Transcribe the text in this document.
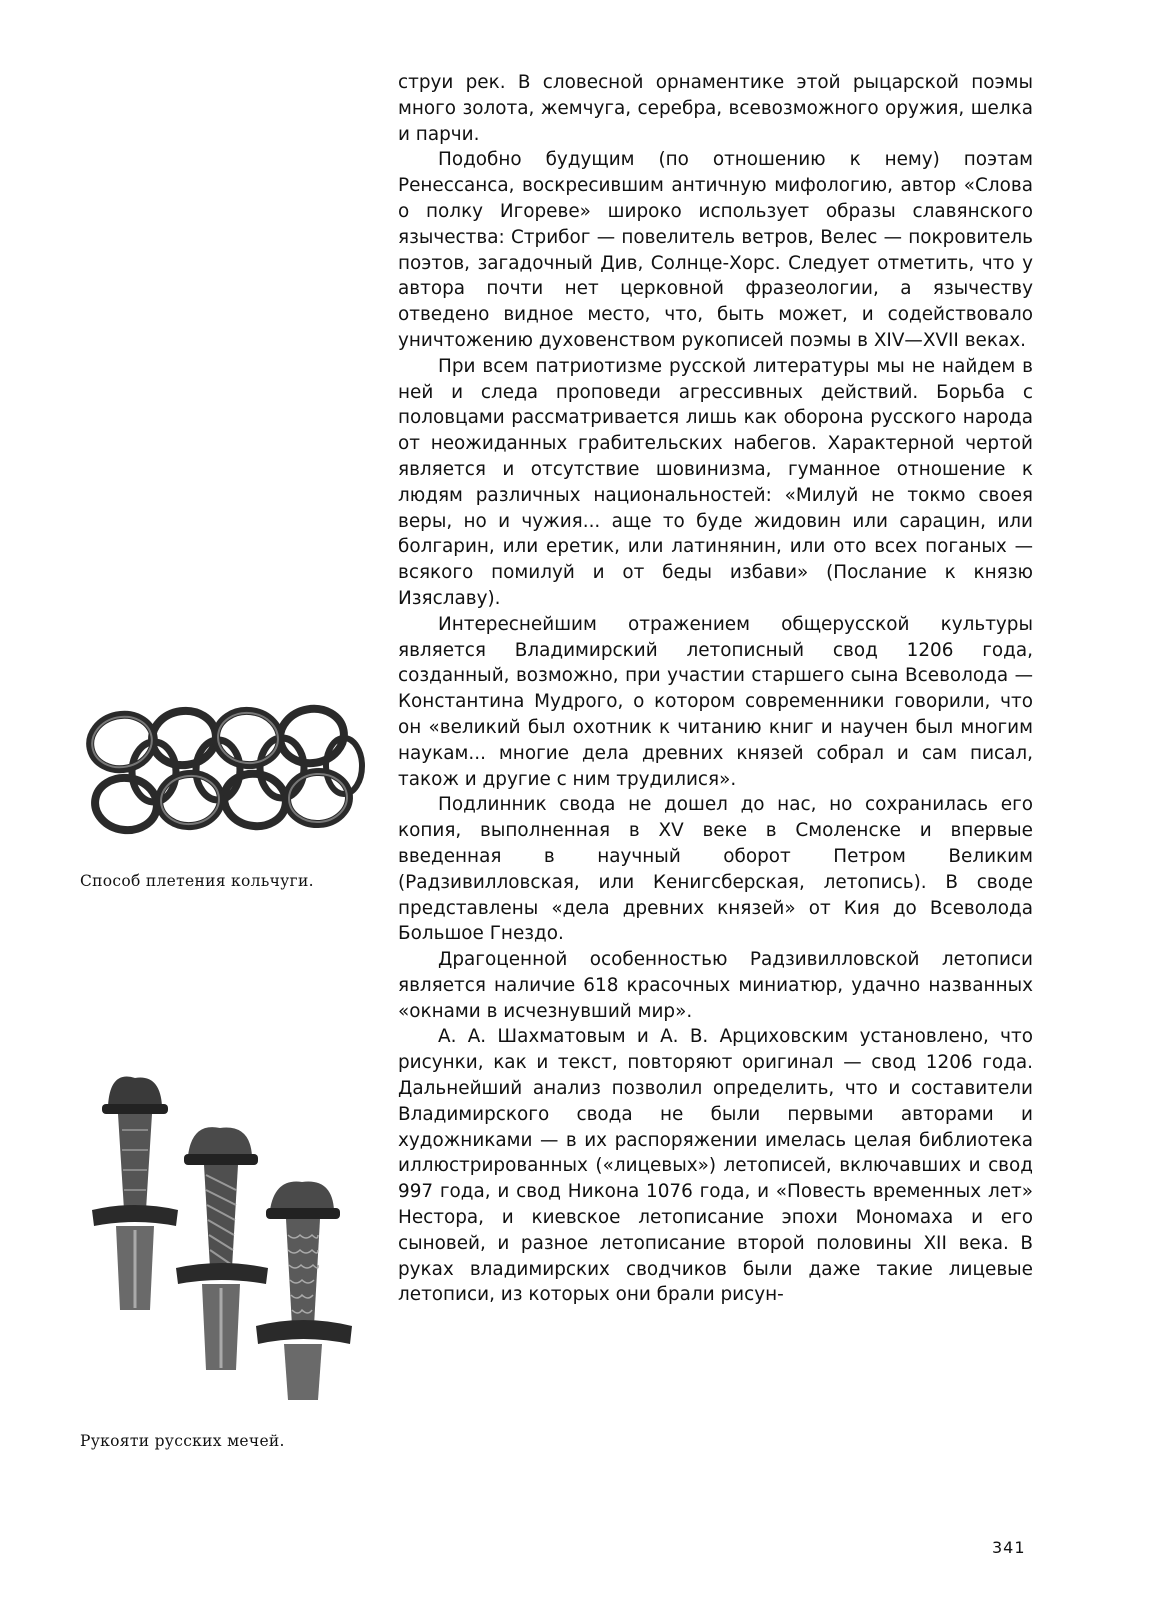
Способ плетения кольчуги.
Рукояти русских мечей.

струи рек. В словесной орнаментике этой рыцарской поэмы много золота, жемчуга, серебра, всевозможного оружия, шелка и парчи.

Подобно будущим (по отношению к нему) поэтам Ренессанса, воскресившим античную мифологию, автор «Слова о полку Игореве» широко использует образы славянского язычества: Стрибог — повелитель ветров, Велес — покровитель поэтов, загадочный Див, Солнце-Хорс. Следует отметить, что у автора почти нет церковной фразеологии, а язычеству отведено видное место, что, быть может, и содействовало уничтожению духовенством рукописей поэмы в XIV—XVII веках.

При всем патриотизме русской литературы мы не найдем в ней и следа проповеди агрессивных действий. Борьба с половцами рассматривается лишь как оборона русского народа от неожиданных грабительских набегов. Характерной чертой является и отсутствие шовинизма, гуманное отношение к людям различных национальностей: «Милуй не токмо своея веры, но и чужия... аще то буде жидовин или сарацин, или болгарин, или еретик, или латинянин, или ото всех поганых — всякого помилуй и от беды избави» (Послание к князю Изяславу).

Интереснейшим отражением общерусской культуры является Владимирский летописный свод 1206 года, созданный, возможно, при участии старшего сына Всеволода — Константина Мудрого, о котором современники говорили, что он «великий был охотник к читанию книг и научен был многим наукам... многие дела древних князей собрал и сам писал, також и другие с ним трудилися».

Подлинник свода не дошел до нас, но сохранилась его копия, выполненная в XV веке в Смоленске и впервые введенная в научный оборот Петром Великим (Радзивилловская, или Кенигсберская, летопись). В своде представлены «дела древних князей» от Кия до Всеволода Большое Гнездо.

Драгоценной особенностью Радзивилловской летописи является наличие 618 красочных миниатюр, удачно названных «окнами в исчезнувший мир».

А. А. Шахматовым и А. В. Арциховским установлено, что рисунки, как и текст, повторяют оригинал — свод 1206 года. Дальнейший анализ позволил определить, что и составители Владимирского свода не были первыми авторами и художниками — в их распоряжении имелась целая библиотека иллюстрированных («лицевых») летописей, включавших и свод 997 года, и свод Никона 1076 года, и «Повесть временных лет» Нестора, и киевское летописание эпохи Мономаха и его сыновей, и разное летописание второй половины XII века. В руках владимирских сводчиков были даже такие лицевые летописи, из которых они брали рисун-

341
